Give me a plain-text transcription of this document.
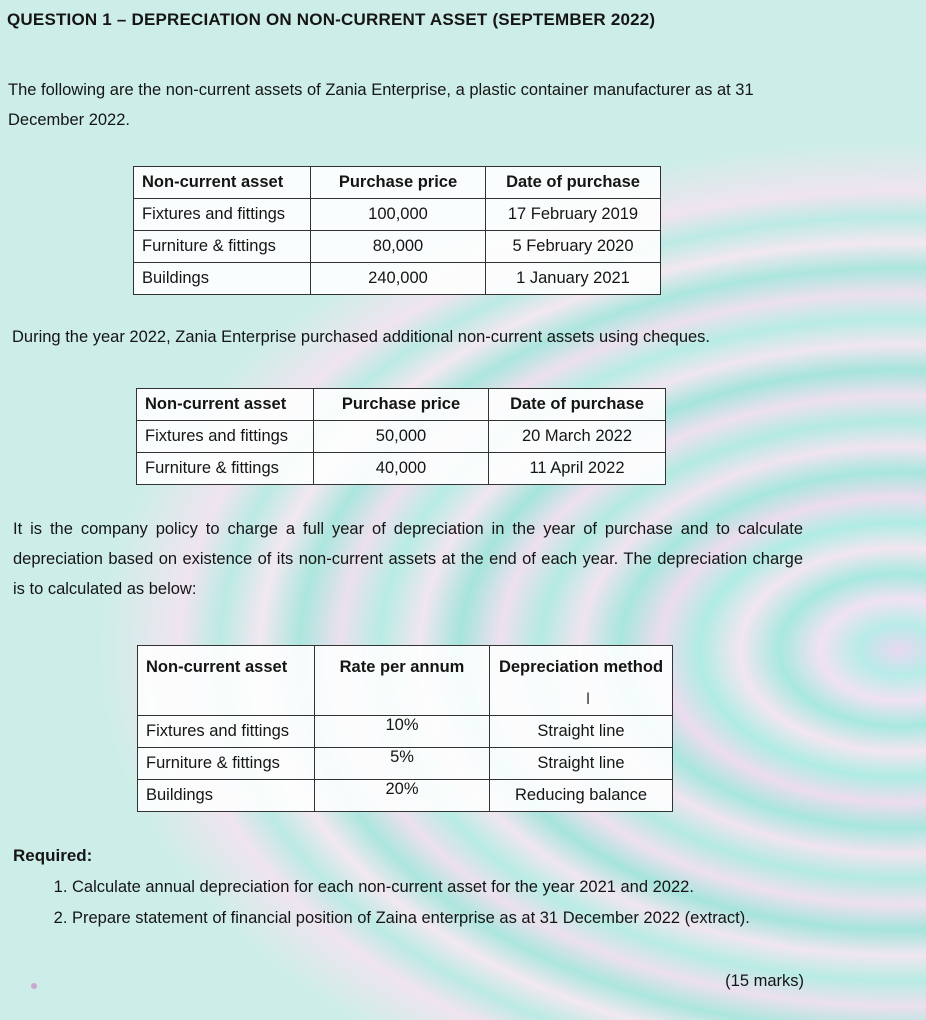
QUESTION 1 – DEPRECIATION ON NON-CURRENT ASSET (SEPTEMBER 2022)
The following are the non-current assets of Zania Enterprise, a plastic container manufacturer as at 31 December 2022.
Non-current asset	Purchase price	Date of purchase
Fixtures and fittings	100,000	17 February 2019
Furniture & fittings	80,000	5 February 2020
Buildings	240,000	1 January 2021
During the year 2022, Zania Enterprise purchased additional non-current assets using cheques.
Non-current asset	Purchase price	Date of purchase
Fixtures and fittings	50,000	20 March 2022
Furniture & fittings	40,000	11 April 2022
It is the company policy to charge a full year of depreciation in the year of purchase and to calculate depreciation based on existence of its non-current assets at the end of each year. The depreciation charge is to calculated as below:
Non-current asset	Rate per annum	Depreciation methodI
Fixtures and fittings	10%	Straight line
Furniture & fittings	5%	Straight line
Buildings	20%	Reducing balance
Required:
1. Calculate annual depreciation for each non-current asset for the year 2021 and 2022.
2. Prepare statement of financial position of Zaina enterprise as at 31 December 2022 (extract).
(15 marks)
